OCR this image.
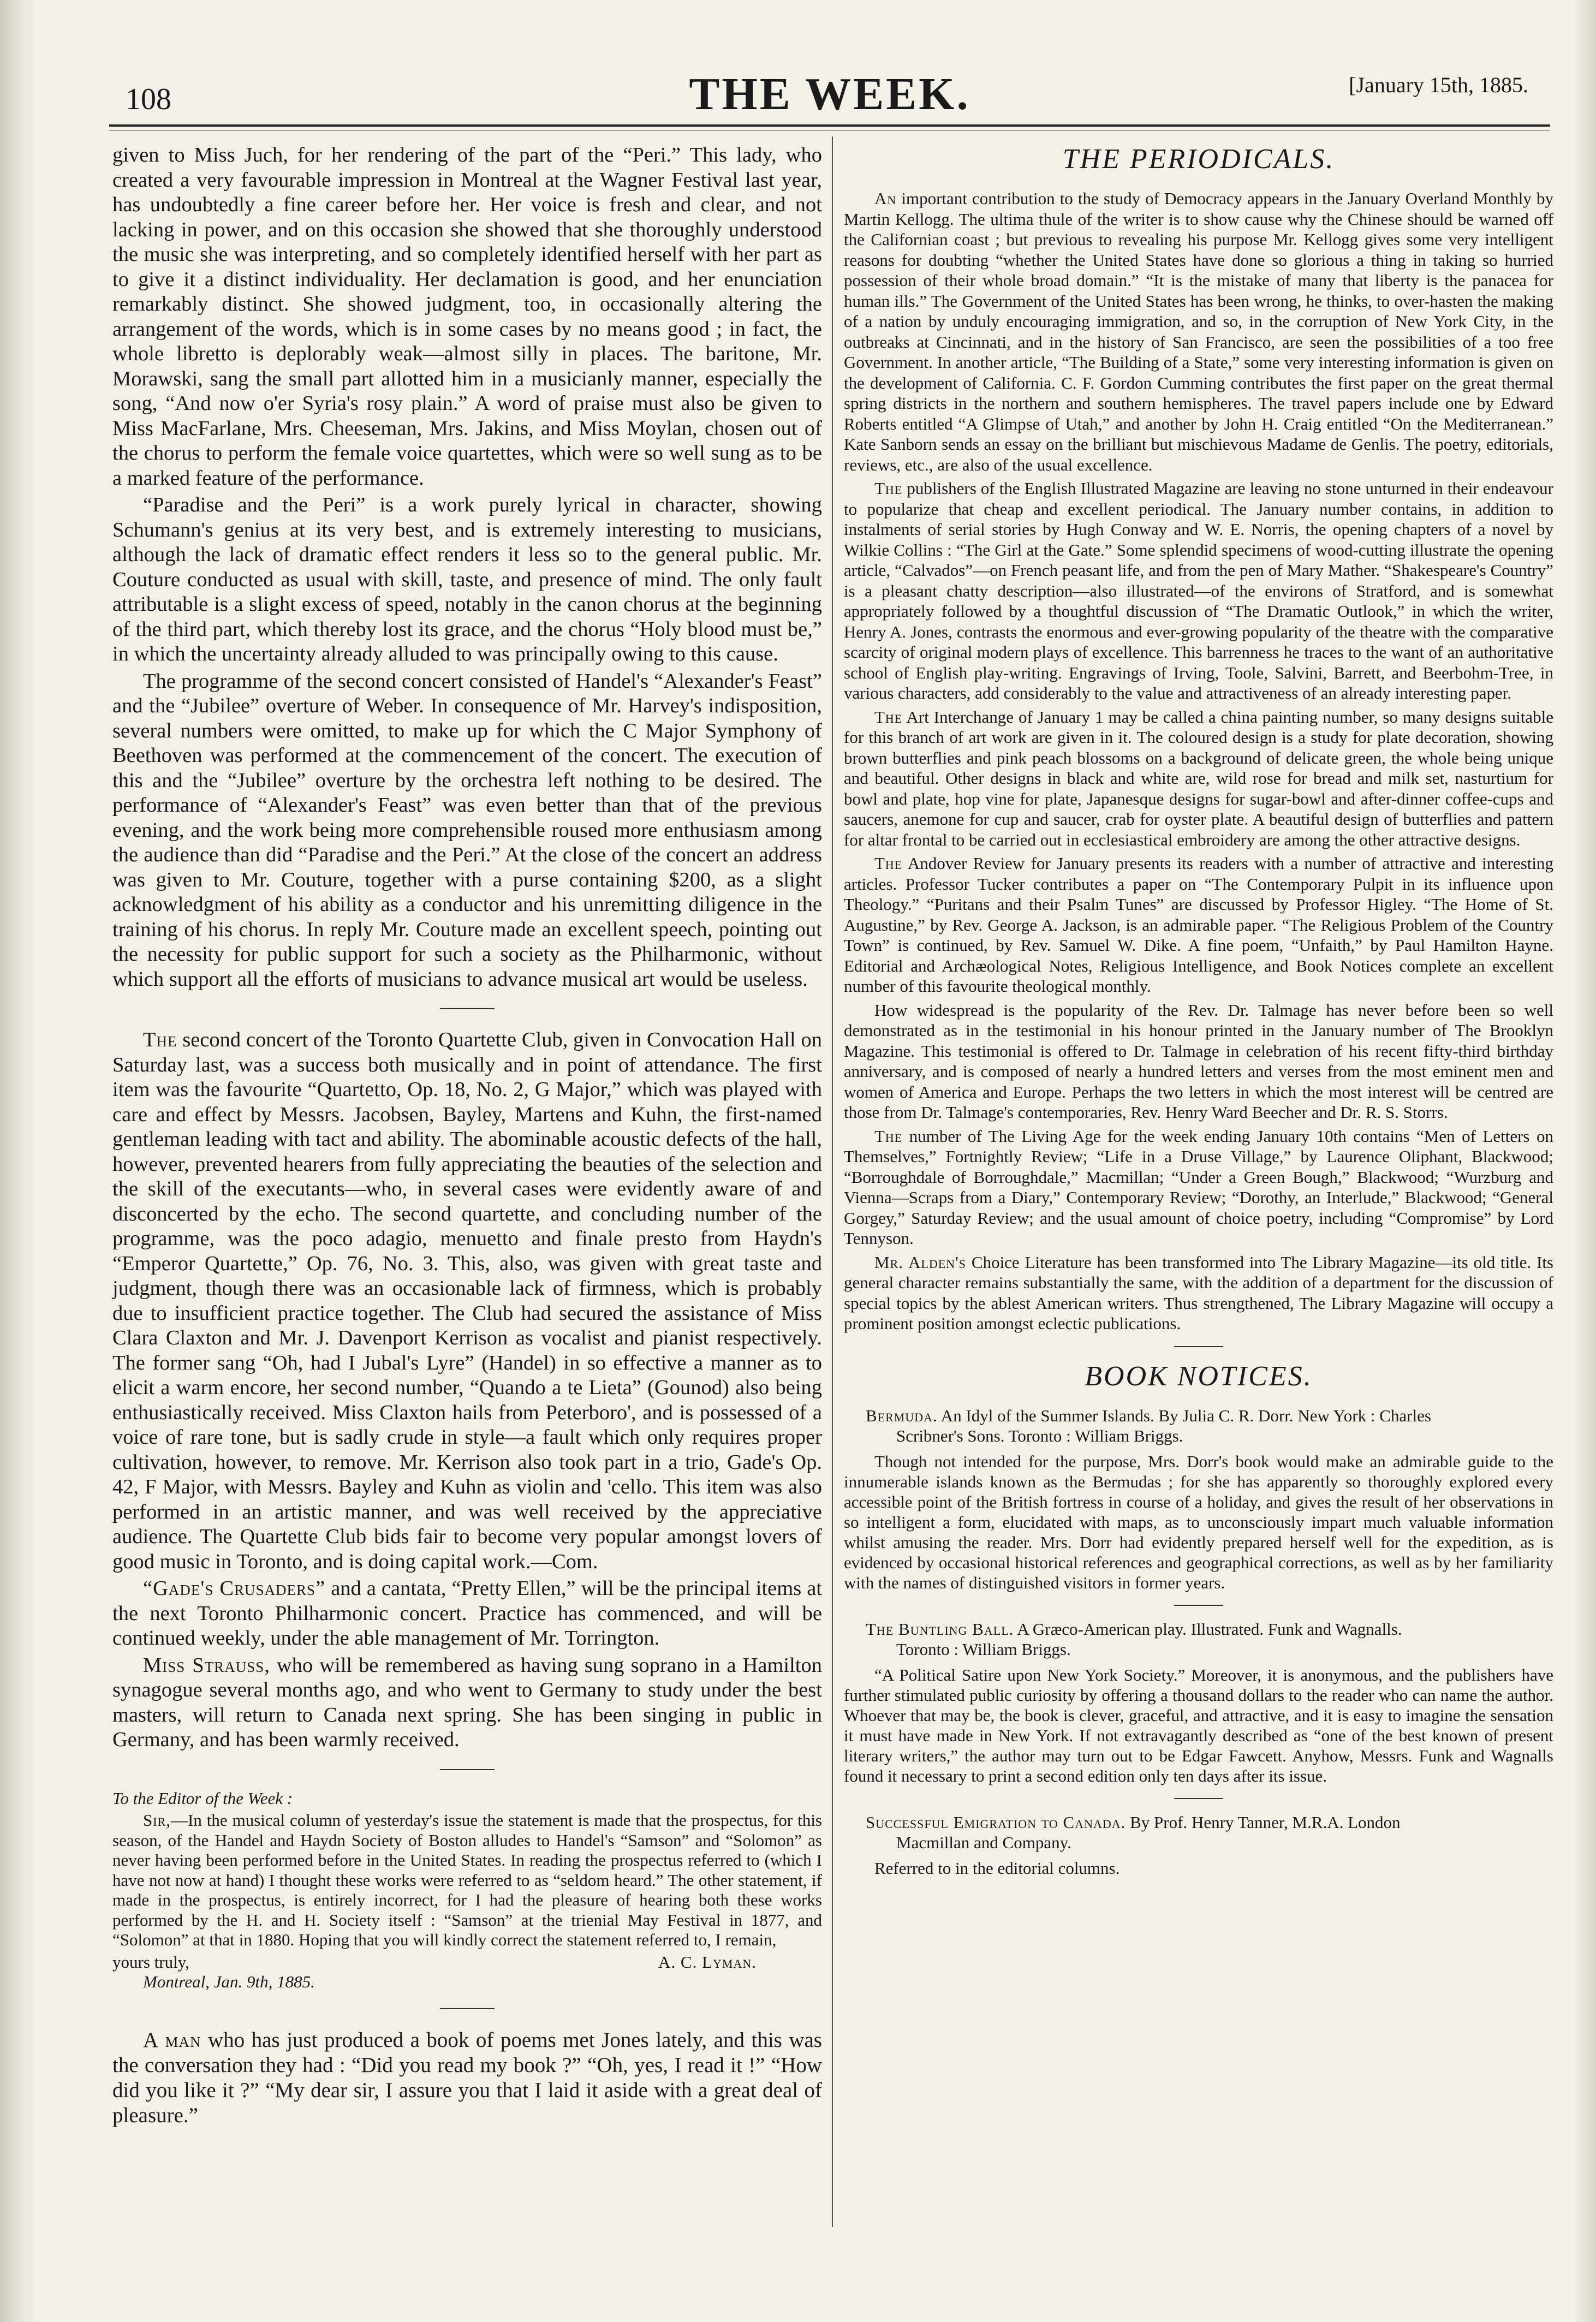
108	THE WEEK.	[January 15th, 1885.

given to Miss Juch, for her rendering of the part of the “Peri.” This lady, who created a very favourable impression in Montreal at the Wagner Festival last year, has undoubtedly a fine career before her. Her voice is fresh and clear, and not lacking in power, and on this occasion she showed that she thoroughly understood the music she was interpreting, and so completely identified herself with her part as to give it a distinct individuality. Her declamation is good, and her enunciation remarkably distinct. She showed judgment, too, in occasionally altering the arrangement of the words, which is in some cases by no means good ; in fact, the whole libretto is deplorably weak—almost silly in places. The baritone, Mr. Morawski, sang the small part allotted him in a musicianly manner, especially the song, “And now o'er Syria's rosy plain.” A word of praise must also be given to Miss MacFarlane, Mrs. Cheeseman, Mrs. Jakins, and Miss Moylan, chosen out of the chorus to perform the female voice quartettes, which were so well sung as to be a marked feature of the performance.

“Paradise and the Peri” is a work purely lyrical in character, showing Schumann's genius at its very best, and is extremely interesting to musicians, although the lack of dramatic effect renders it less so to the general public. Mr. Couture conducted as usual with skill, taste, and presence of mind. The only fault attributable is a slight excess of speed, notably in the canon chorus at the beginning of the third part, which thereby lost its grace, and the chorus “Holy blood must be,” in which the uncertainty already alluded to was principally owing to this cause.

The programme of the second concert consisted of Handel's “Alexander's Feast” and the “Jubilee” overture of Weber. In consequence of Mr. Harvey's indisposition, several numbers were omitted, to make up for which the C Major Symphony of Beethoven was performed at the commencement of the concert. The execution of this and the “Jubilee” overture by the orchestra left nothing to be desired. The performance of “Alexander's Feast” was even better than that of the previous evening, and the work being more comprehensible roused more enthusiasm among the audience than did “Paradise and the Peri.” At the close of the concert an address was given to Mr. Couture, together with a purse containing $200, as a slight acknowledgment of his ability as a conductor and his unremitting diligence in the training of his chorus. In reply Mr. Couture made an excellent speech, pointing out the necessity for public support for such a society as the Philharmonic, without which support all the efforts of musicians to advance musical art would be useless.

The second concert of the Toronto Quartette Club, given in Convocation Hall on Saturday last, was a success both musically and in point of attendance. The first item was the favourite “Quartetto, Op. 18, No. 2, G Major,” which was played with care and effect by Messrs. Jacobsen, Bayley, Martens and Kuhn, the first-named gentleman leading with tact and ability. The abominable acoustic defects of the hall, however, prevented hearers from fully appreciating the beauties of the selection and the skill of the executants—who, in several cases were evidently aware of and disconcerted by the echo. The second quartette, and concluding number of the programme, was the poco adagio, menuetto and finale presto from Haydn's “Emperor Quartette,” Op. 76, No. 3. This, also, was given with great taste and judgment, though there was an occasionable lack of firmness, which is probably due to insufficient practice together. The Club had secured the assistance of Miss Clara Claxton and Mr. J. Davenport Kerrison as vocalist and pianist respectively. The former sang “Oh, had I Jubal's Lyre” (Handel) in so effective a manner as to elicit a warm encore, her second number, “Quando a te Lieta” (Gounod) also being enthusiastically received. Miss Claxton hails from Peterboro', and is possessed of a voice of rare tone, but is sadly crude in style—a fault which only requires proper cultivation, however, to remove. Mr. Kerrison also took part in a trio, Gade's Op. 42, F Major, with Messrs. Bayley and Kuhn as violin and 'cello. This item was also performed in an artistic manner, and was well received by the appreciative audience. The Quartette Club bids fair to become very popular amongst lovers of good music in Toronto, and is doing capital work.—Com.

“Gade's Crusaders” and a cantata, “Pretty Ellen,” will be the principal items at the next Toronto Philharmonic concert. Practice has commenced, and will be continued weekly, under the able management of Mr. Torrington.

Miss Strauss, who will be remembered as having sung soprano in a Hamilton synagogue several months ago, and who went to Germany to study under the best masters, will return to Canada next spring. She has been singing in public in Germany, and has been warmly received.

To the Editor of the Week :

Sir,—In the musical column of yesterday's issue the statement is made that the prospectus, for this season, of the Handel and Haydn Society of Boston alludes to Handel's “Samson” and “Solomon” as never having been performed before in the United States. In reading the prospectus referred to (which I have not now at hand) I thought these works were referred to as “seldom heard.” The other statement, if made in the prospectus, is entirely incorrect, for I had the pleasure of hearing both these works performed by the H. and H. Society itself : “Samson” at the trienial May Festival in 1877, and “Solomon” at that in 1880. Hoping that you will kindly correct the statement referred to, I remain,

yours truly,	A. C. Lyman.
Montreal, Jan. 9th, 1885.

A man who has just produced a book of poems met Jones lately, and this was the conversation they had : “Did you read my book ?” “Oh, yes, I read it !” “How did you like it ?” “My dear sir, I assure you that I laid it aside with a great deal of pleasure.”

THE PERIODICALS.

An important contribution to the study of Democracy appears in the January Overland Monthly by Martin Kellogg. The ultima thule of the writer is to show cause why the Chinese should be warned off the Californian coast ; but previous to revealing his purpose Mr. Kellogg gives some very intelligent reasons for doubting “whether the United States have done so glorious a thing in taking so hurried possession of their whole broad domain.” “It is the mistake of many that liberty is the panacea for human ills.” The Government of the United States has been wrong, he thinks, to over-hasten the making of a nation by unduly encouraging immigration, and so, in the corruption of New York City, in the outbreaks at Cincinnati, and in the history of San Francisco, are seen the possibilities of a too free Government. In another article, “The Building of a State,” some very interesting information is given on the development of California. C. F. Gordon Cumming contributes the first paper on the great thermal spring districts in the northern and southern hemispheres. The travel papers include one by Edward Roberts entitled “A Glimpse of Utah,” and another by John H. Craig entitled “On the Mediterranean.” Kate Sanborn sends an essay on the brilliant but mischievous Madame de Genlis. The poetry, editorials, reviews, etc., are also of the usual excellence.

The publishers of the English Illustrated Magazine are leaving no stone unturned in their endeavour to popularize that cheap and excellent periodical. The January number contains, in addition to instalments of serial stories by Hugh Conway and W. E. Norris, the opening chapters of a novel by Wilkie Collins : “The Girl at the Gate.” Some splendid specimens of wood-cutting illustrate the opening article, “Calvados”—on French peasant life, and from the pen of Mary Mather. “Shakespeare's Country” is a pleasant chatty description—also illustrated—of the environs of Stratford, and is somewhat appropriately followed by a thoughtful discussion of “The Dramatic Outlook,” in which the writer, Henry A. Jones, contrasts the enormous and ever-growing popularity of the theatre with the comparative scarcity of original modern plays of excellence. This barrenness he traces to the want of an authoritative school of English play-writing. Engravings of Irving, Toole, Salvini, Barrett, and Beerbohm-Tree, in various characters, add considerably to the value and attractiveness of an already interesting paper.

The Art Interchange of January 1 may be called a china painting number, so many designs suitable for this branch of art work are given in it. The coloured design is a study for plate decoration, showing brown butterflies and pink peach blossoms on a background of delicate green, the whole being unique and beautiful. Other designs in black and white are, wild rose for bread and milk set, nasturtium for bowl and plate, hop vine for plate, Japanesque designs for sugar-bowl and after-dinner coffee-cups and saucers, anemone for cup and saucer, crab for oyster plate. A beautiful design of butterflies and pattern for altar frontal to be carried out in ecclesiastical embroidery are among the other attractive designs.

The Andover Review for January presents its readers with a number of attractive and interesting articles. Professor Tucker contributes a paper on “The Contemporary Pulpit in its influence upon Theology.” “Puritans and their Psalm Tunes” are discussed by Professor Higley. “The Home of St. Augustine,” by Rev. George A. Jackson, is an admirable paper. “The Religious Problem of the Country Town” is continued, by Rev. Samuel W. Dike. A fine poem, “Unfaith,” by Paul Hamilton Hayne. Editorial and Archæological Notes, Religious Intelligence, and Book Notices complete an excellent number of this favourite theological monthly.

How widespread is the popularity of the Rev. Dr. Talmage has never before been so well demonstrated as in the testimonial in his honour printed in the January number of The Brooklyn Magazine. This testimonial is offered to Dr. Talmage in celebration of his recent fifty-third birthday anniversary, and is composed of nearly a hundred letters and verses from the most eminent men and women of America and Europe. Perhaps the two letters in which the most interest will be centred are those from Dr. Talmage's contemporaries, Rev. Henry Ward Beecher and Dr. R. S. Storrs.

The number of The Living Age for the week ending January 10th contains “Men of Letters on Themselves,” Fortnightly Review; “Life in a Druse Village,” by Laurence Oliphant, Blackwood; “Borroughdale of Borroughdale,” Macmillan; “Under a Green Bough,” Blackwood; “Wurzburg and Vienna—Scraps from a Diary,” Contemporary Review; “Dorothy, an Interlude,” Blackwood; “General Gorgey,” Saturday Review; and the usual amount of choice poetry, including “Compromise” by Lord Tennyson.

Mr. Alden's Choice Literature has been transformed into The Library Magazine—its old title. Its general character remains substantially the same, with the addition of a department for the discussion of special topics by the ablest American writers. Thus strengthened, The Library Magazine will occupy a prominent position amongst eclectic publications.

BOOK NOTICES.

Bermuda. An Idyl of the Summer Islands. By Julia C. R. Dorr. New York : Charles
Scribner's Sons. Toronto : William Briggs.

Though not intended for the purpose, Mrs. Dorr's book would make an admirable guide to the innumerable islands known as the Bermudas ; for she has apparently so thoroughly explored every accessible point of the British fortress in course of a holiday, and gives the result of her observations in so intelligent a form, elucidated with maps, as to unconsciously impart much valuable information whilst amusing the reader. Mrs. Dorr had evidently prepared herself well for the expedition, as is evidenced by occasional historical references and geographical corrections, as well as by her familiarity with the names of distinguished visitors in former years.

The Buntling Ball. A Græco-American play. Illustrated. Funk and Wagnalls.
Toronto : William Briggs.

“A Political Satire upon New York Society.” Moreover, it is anonymous, and the publishers have further stimulated public curiosity by offering a thousand dollars to the reader who can name the author. Whoever that may be, the book is clever, graceful, and attractive, and it is easy to imagine the sensation it must have made in New York. If not extravagantly described as “one of the best known of present literary writers,” the author may turn out to be Edgar Fawcett. Anyhow, Messrs. Funk and Wagnalls found it necessary to print a second edition only ten days after its issue.

Successful Emigration to Canada. By Prof. Henry Tanner, M.R.A. London
Macmillan and Company.

Referred to in the editorial columns.
